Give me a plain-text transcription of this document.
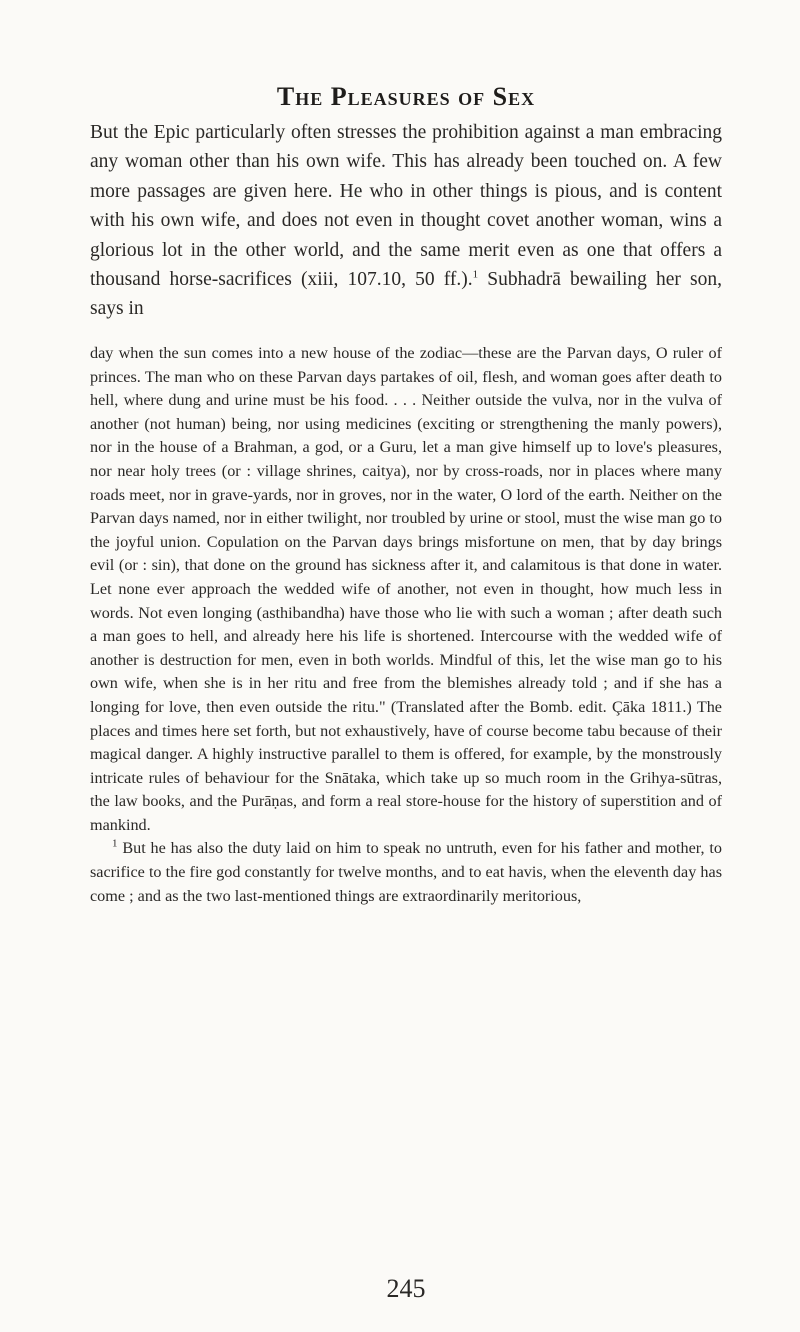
The Pleasures of Sex

But the Epic particularly often stresses the prohibition against a man embracing any woman other than his own wife. This has already been touched on. A few more passages are given here. He who in other things is pious, and is content with his own wife, and does not even in thought covet another woman, wins a glorious lot in the other world, and the same merit even as one that offers a thousand horse-sacrifices (xiii, 107.10, 50 ff.).$^1$ Subhadrā bewailing her son, says in

day when the sun comes into a new house of the zodiac—these are the Parvan days, O ruler of princes. The man who on these Parvan days partakes of oil, flesh, and woman goes after death to hell, where dung and urine must be his food. . . . Neither outside the vulva, nor in the vulva of another (not human) being, nor using medicines (exciting or strengthening the manly powers), nor in the house of a Brahman, a god, or a Guru, let a man give himself up to love's pleasures, nor near holy trees (or : village shrines, caitya), nor by cross-roads, nor in places where many roads meet, nor in grave-yards, nor in groves, nor in the water, O lord of the earth. Neither on the Parvan days named, nor in either twilight, nor troubled by urine or stool, must the wise man go to the joyful union. Copulation on the Parvan days brings misfortune on men, that by day brings evil (or : sin), that done on the ground has sickness after it, and calamitous is that done in water. Let none ever approach the wedded wife of another, not even in thought, how much less in words. Not even longing (asthibandha) have those who lie with such a woman ; after death such a man goes to hell, and already here his life is shortened. Intercourse with the wedded wife of another is destruction for men, even in both worlds. Mindful of this, let the wise man go to his own wife, when she is in her ritu and free from the blemishes already told ; and if she has a longing for love, then even outside the ritu." (Translated after the Bomb. edit. Çāka 1811.) The places and times here set forth, but not exhaustively, have of course become tabu because of their magical danger. A highly instructive parallel to them is offered, for example, by the monstrously intricate rules of behaviour for the Snātaka, which take up so much room in the Grihya-sūtras, the law books, and the Purāṇas, and form a real store-house for the history of superstition and of mankind.

$^1$ But he has also the duty laid on him to speak no untruth, even for his father and mother, to sacrifice to the fire god constantly for twelve months, and to eat havis, when the eleventh day has come ; and as the two last-mentioned things are extraordinarily meritorious,

245
